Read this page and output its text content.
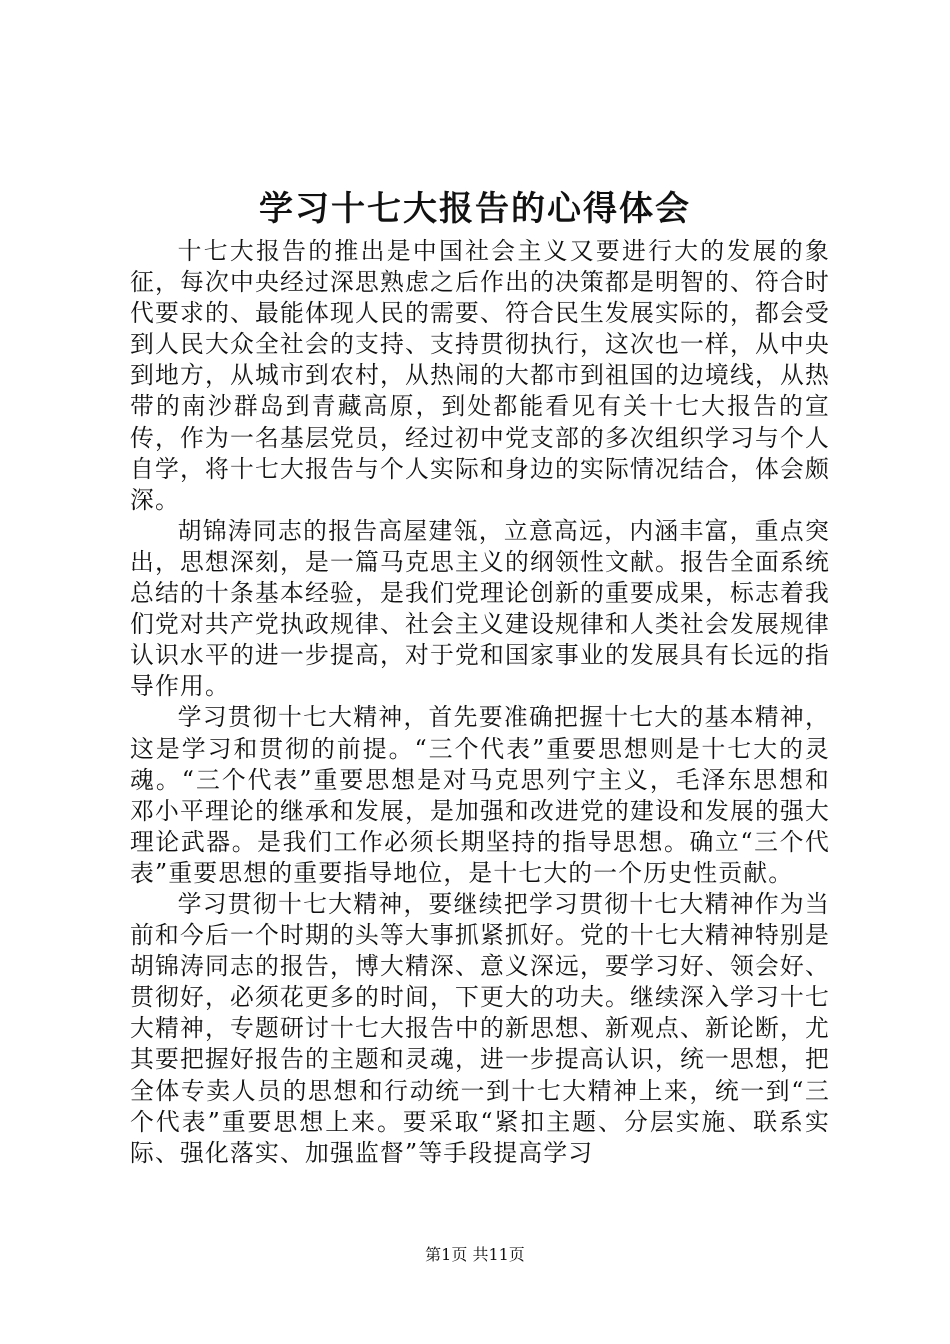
学习十七大报告的心得体会

十七大报告的推出是中国社会主义又要进行大的发展的象征，每次中央经过深思熟虑之后作出的决策都是明智的、符合时代要求的、最能体现人民的需要、符合民生发展实际的，都会受到人民大众全社会的支持、支持贯彻执行，这次也一样，从中央到地方，从城市到农村，从热闹的大都市到祖国的边境线，从热带的南沙群岛到青藏高原，到处都能看见有关十七大报告的宣传，作为一名基层党员，经过初中党支部的多次组织学习与个人自学，将十七大报告与个人实际和身边的实际情况结合，体会颇深。

胡锦涛同志的报告高屋建瓴，立意高远，内涵丰富，重点突出，思想深刻，是一篇马克思主义的纲领性文献。报告全面系统总结的十条基本经验，是我们党理论创新的重要成果，标志着我们党对共产党执政规律、社会主义建设规律和人类社会发展规律认识水平的进一步提高，对于党和国家事业的发展具有长远的指导作用。

学习贯彻十七大精神，首先要准确把握十七大的基本精神，这是学习和贯彻的前提。“三个代表”重要思想则是十七大的灵魂。“三个代表”重要思想是对马克思列宁主义，毛泽东思想和邓小平理论的继承和发展，是加强和改进党的建设和发展的强大理论武器。是我们工作必须长期坚持的指导思想。确立“三个代表”重要思想的重要指导地位，是十七大的一个历史性贡献。

学习贯彻十七大精神，要继续把学习贯彻十七大精神作为当前和今后一个时期的头等大事抓紧抓好。党的十七大精神特别是胡锦涛同志的报告，博大精深、意义深远，要学习好、领会好、贯彻好，必须花更多的时间，下更大的功夫。继续深入学习十七大精神，专题研讨十七大报告中的新思想、新观点、新论断，尤其要把握好报告的主题和灵魂，进一步提高认识，统一思想，把全体专卖人员的思想和行动统一到十七大精神上来，统一到“三个代表”重要思想上来。要采取“紧扣主题、分层实施、联系实际、强化落实、加强监督”等手段提高学习

第1页 共11页
